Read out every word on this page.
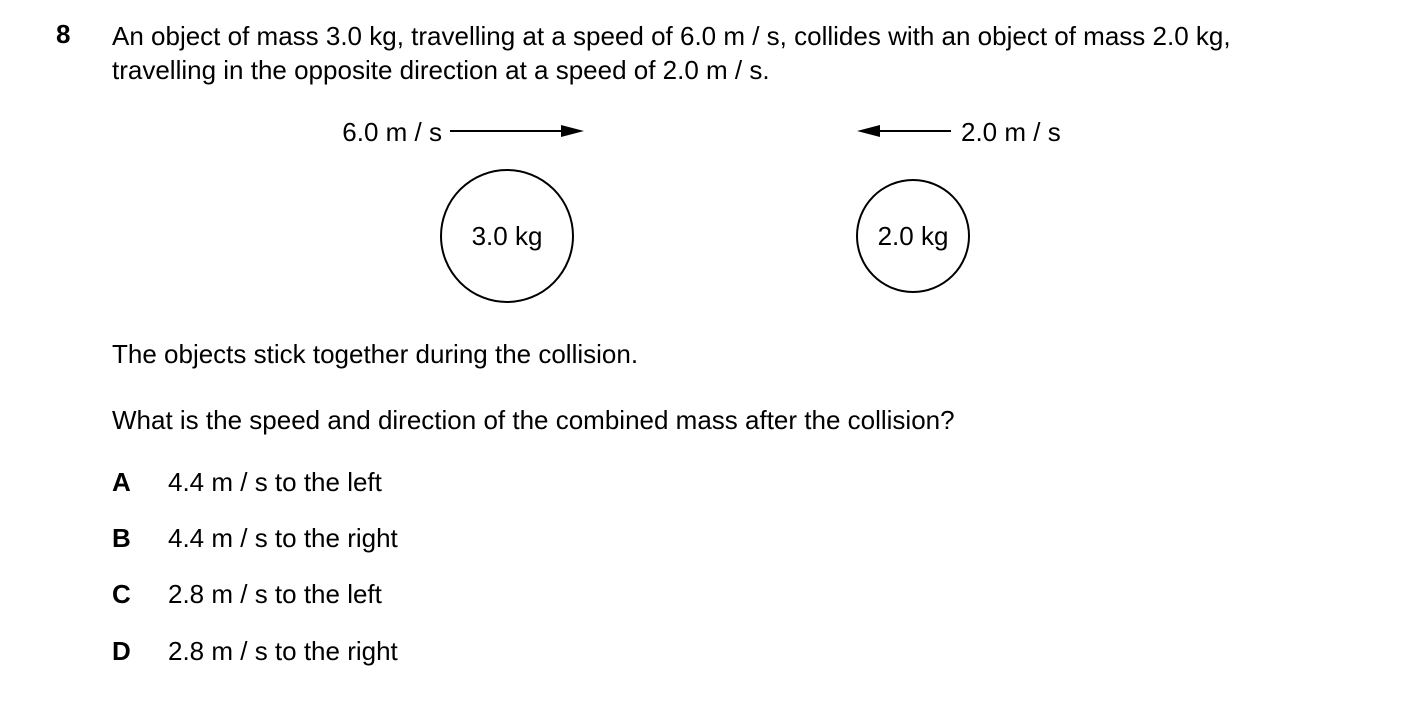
8 An object of mass 3.0 kg, travelling at a speed of 6.0 m / s, collides with an object of mass 2.0 kg,
travelling in the opposite direction at a speed of 2.0 m / s.
6.0 m / s	2.0 m / s
3.0 kg	2.0 kg
The objects stick together during the collision.
What is the speed and direction of the combined mass after the collision?
A 4.4 m / s to the left
B 4.4 m / s to the right
C 2.8 m / s to the left
D 2.8 m / s to the right
